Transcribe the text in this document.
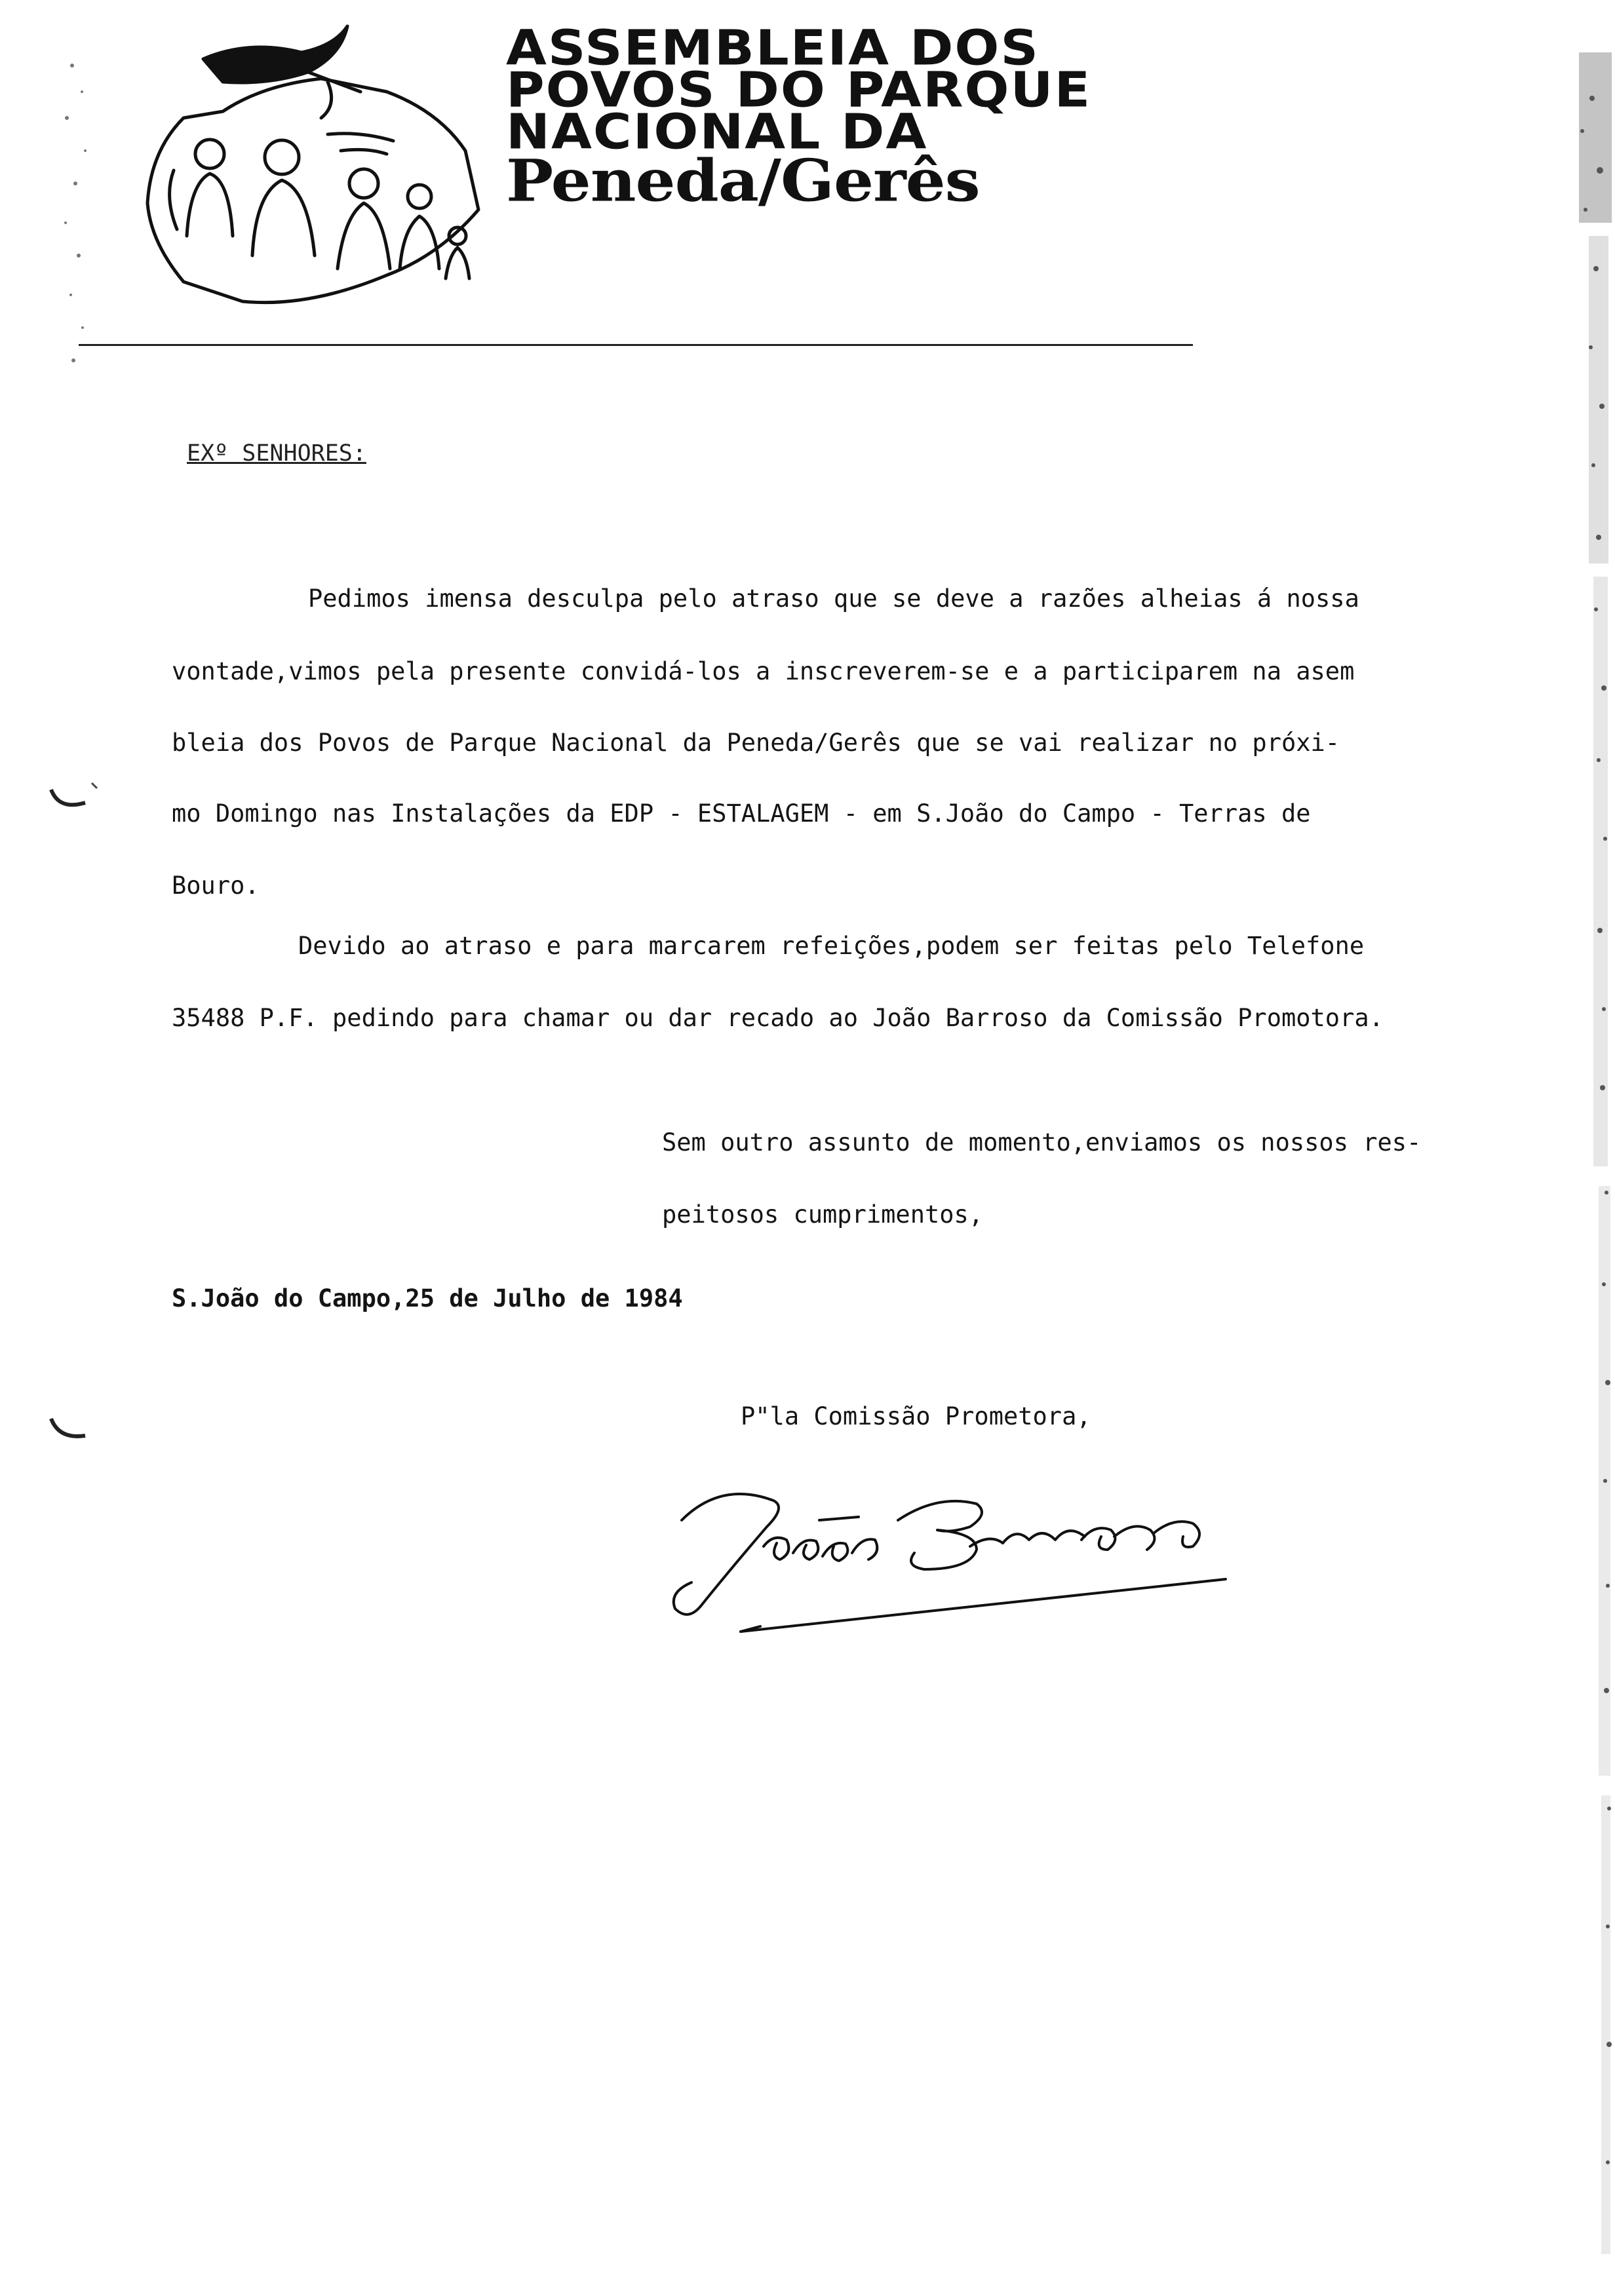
ASSEMBLEIA DOS
POVOS DO PARQUE
NACIONAL DA
Peneda/Gerês
EXº SENHORES:
Pedimos imensa desculpa pelo atraso que se deve a razões alheias á nossa
vontade,vimos pela presente convidá-los a inscreverem-se e a participarem na asem
bleia dos Povos de Parque Nacional da Peneda/Gerês que se vai realizar no próxi-
mo Domingo nas Instalações da EDP - ESTALAGEM - em S.João do Campo - Terras de
Bouro.
Devido ao atraso e para marcarem refeições,podem ser feitas pelo Telefone
35488 P.F. pedindo para chamar ou dar recado ao João Barroso da Comissão Promotora.
Sem outro assunto de momento,enviamos os nossos res-
peitosos cumprimentos,
S.João do Campo,25 de Julho de 1984
P"la Comissão Prometora,
